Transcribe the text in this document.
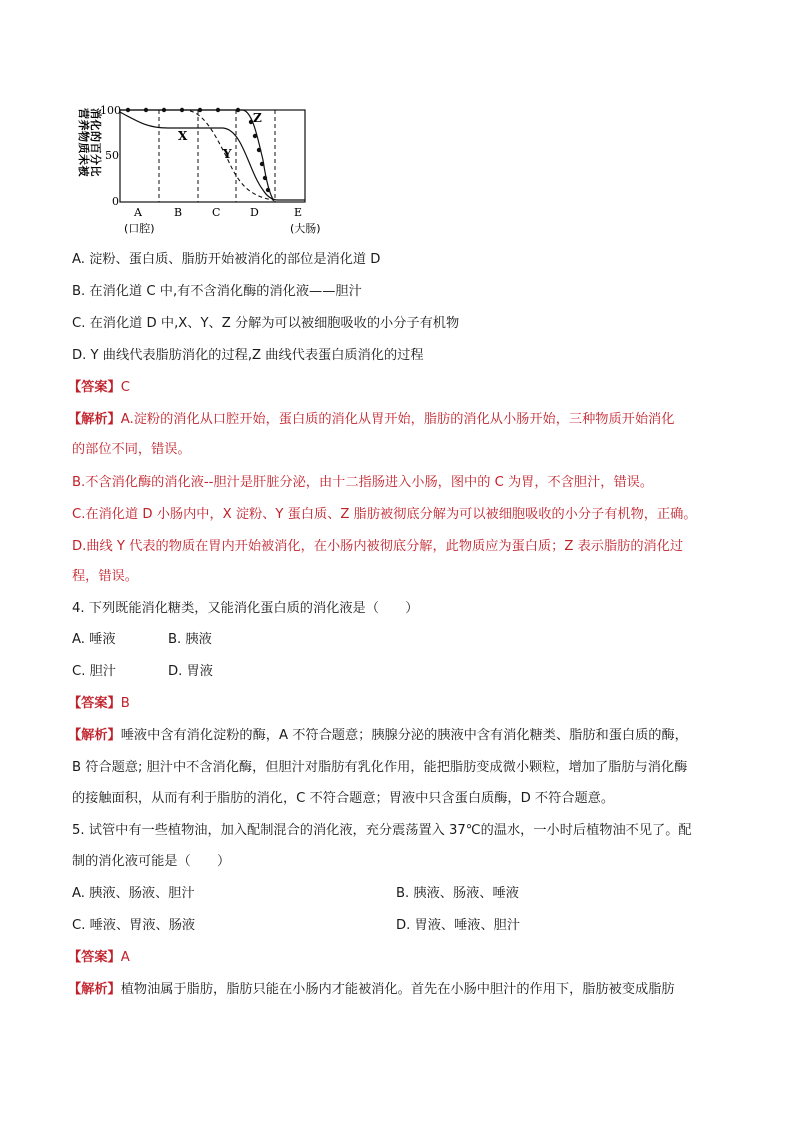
营养物质未被 消化的百分比
100
50
0
X
Y
Z
A	B	C	D	E
(口腔)	(大肠)
A. 淀粉、蛋白质、脂肪开始被消化的部位是消化道 D
B. 在消化道 C 中,有不含消化酶的消化液——胆汁
C. 在消化道 D 中,X、Y、Z 分解为可以被细胞吸收的小分子有机物
D. Y 曲线代表脂肪消化的过程,Z 曲线代表蛋白质消化的过程
【答案】C
【解析】A.淀粉的消化从口腔开始，蛋白质的消化从胃开始，脂肪的消化从小肠开始，三种物质开始消化
的部位不同，错误。
B.不含消化酶的消化液--胆汁是肝脏分泌，由十二指肠进入小肠，图中的 C 为胃，不含胆汁，错误。
C.在消化道 D 小肠内中，X 淀粉、Y 蛋白质、Z 脂肪被彻底分解为可以被细胞吸收的小分子有机物，正确。
D.曲线 Y 代表的物质在胃内开始被消化，在小肠内被彻底分解，此物质应为蛋白质；Z 表示脂肪的消化过
程，错误。
4. 下列既能消化糖类，又能消化蛋白质的消化液是（　　）
A. 唾液	B. 胰液
C. 胆汁	D. 胃液
【答案】B
【解析】唾液中含有消化淀粉的酶，A 不符合题意；胰腺分泌的胰液中含有消化糖类、脂肪和蛋白质的酶，
B 符合题意; 胆汁中不含消化酶，但胆汁对脂肪有乳化作用，能把脂肪变成微小颗粒，增加了脂肪与消化酶
的接触面积，从而有利于脂肪的消化，C 不符合题意；胃液中只含蛋白质酶，D 不符合题意。
5. 试管中有一些植物油，加入配制混合的消化液，充分震荡置入 37℃的温水，一小时后植物油不见了。配
制的消化液可能是（　　）
A. 胰液、肠液、胆汁	B. 胰液、肠液、唾液
C. 唾液、胃液、肠液	D. 胃液、唾液、胆汁
【答案】A
【解析】植物油属于脂肪，脂肪只能在小肠内才能被消化。首先在小肠中胆汁的作用下，脂肪被变成脂肪
